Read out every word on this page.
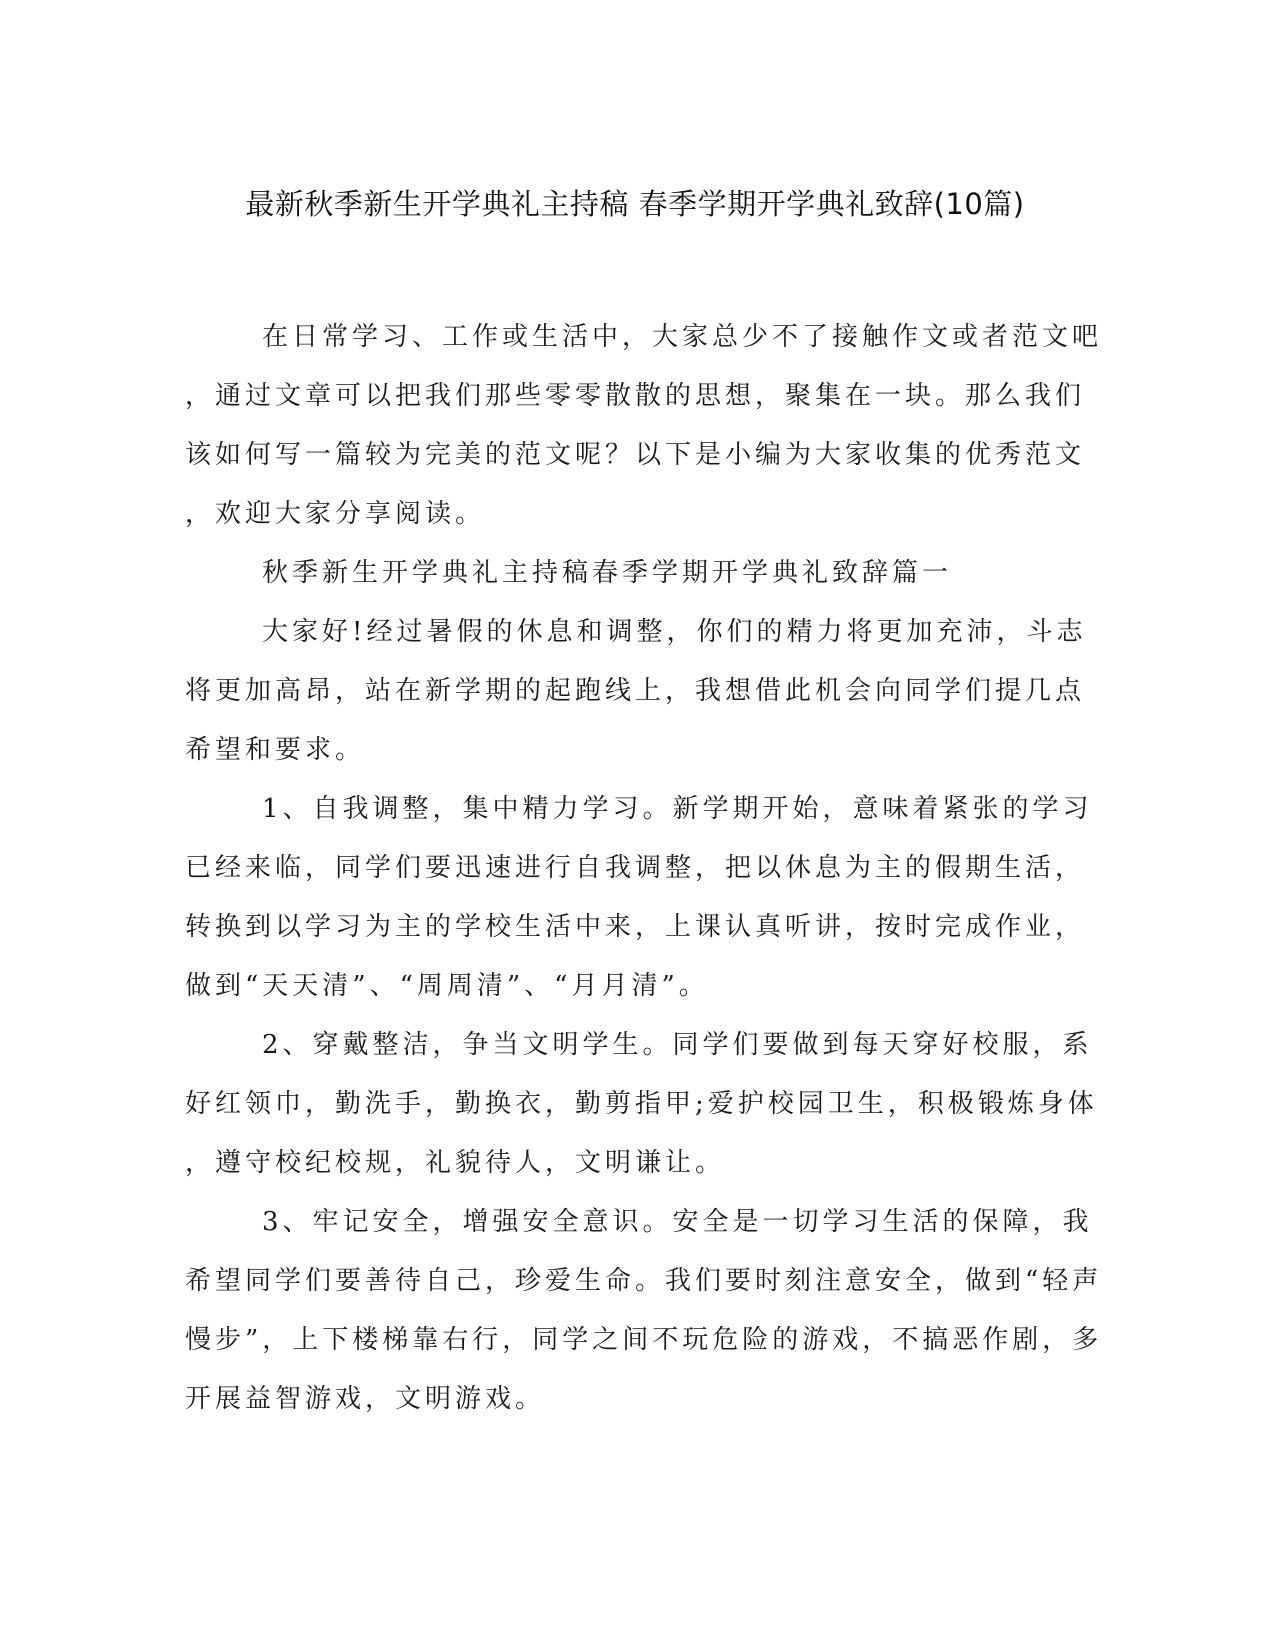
最新秋季新生开学典礼主持稿 春季学期开学典礼致辞(10篇)
在日常学习、工作或生活中，大家总少不了接触作文或者范文吧
，通过文章可以把我们那些零零散散的思想，聚集在一块。那么我们
该如何写一篇较为完美的范文呢？以下是小编为大家收集的优秀范文
，欢迎大家分享阅读。
秋季新生开学典礼主持稿春季学期开学典礼致辞篇一
大家好!经过暑假的休息和调整，你们的精力将更加充沛，斗志
将更加高昂，站在新学期的起跑线上，我想借此机会向同学们提几点
希望和要求。
1、自我调整，集中精力学习。新学期开始，意味着紧张的学习
已经来临，同学们要迅速进行自我调整，把以休息为主的假期生活，
转换到以学习为主的学校生活中来，上课认真听讲，按时完成作业，
做到“天天清”、“周周清”、“月月清”。
2、穿戴整洁，争当文明学生。同学们要做到每天穿好校服，系
好红领巾，勤洗手，勤换衣，勤剪指甲;爱护校园卫生，积极锻炼身体
，遵守校纪校规，礼貌待人，文明谦让。
3、牢记安全，增强安全意识。安全是一切学习生活的保障，我
希望同学们要善待自己，珍爱生命。我们要时刻注意安全，做到“轻声
慢步”，上下楼梯靠右行，同学之间不玩危险的游戏，不搞恶作剧，多
开展益智游戏，文明游戏。
